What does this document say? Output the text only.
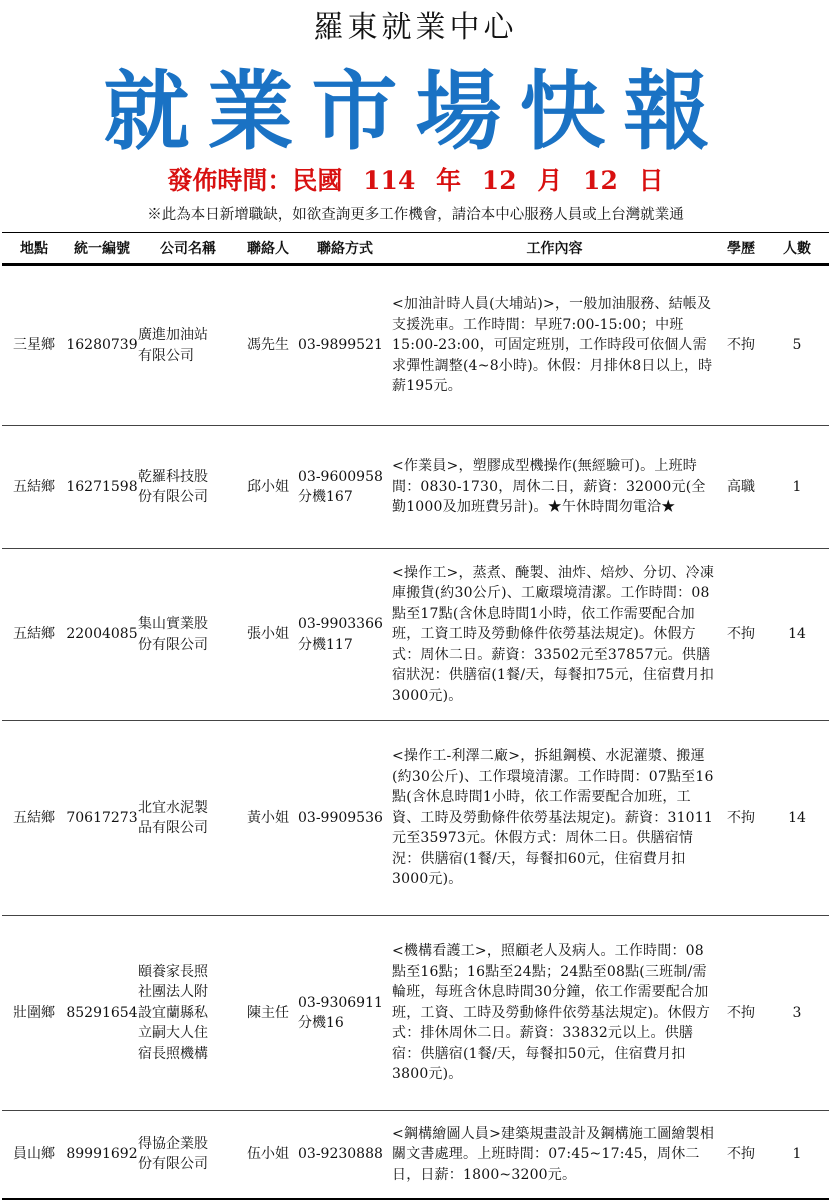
羅東就業中心
就業市場快報
發佈時間：民國 114 年 12 月 12 日
※此為本日新增職缺，如欲查詢更多工作機會，請洽本中心服務人員或上台灣就業通
地點	統一編號	公司名稱	聯絡人	聯絡方式	工作內容	學歷	人數
三星鄉	16280739	廣進加油站
有限公司	馮先生	03-9899521	<加油計時人員(大埔站)>，一般加油服務、結帳及支援洗車。工作時間：早班7:00-15:00；中班15:00-23:00，可固定班別，工作時段可依個人需求彈性調整(4~8小時)。休假：月排休8日以上，時薪195元。	不拘	5
五結鄉	16271598	乾羅科技股
份有限公司	邱小姐	03-9600958
分機167	<作業員>，塑膠成型機操作(無經驗可)。上班時間：0830-1730，周休二日，薪資：32000元(全勤1000及加班費另計)。★午休時間勿電洽★	高職	1
五結鄉	22004085	集山實業股
份有限公司	張小姐	03-9903366
分機117	<操作工>，蒸煮、醃製、油炸、焙炒、分切、冷凍庫搬貨(約30公斤)、工廠環境清潔。工作時間：08點至17點(含休息時間1小時，依工作需要配合加班，工資工時及勞動條件依勞基法規定)。休假方式：周休二日。薪資：33502元至37857元。供膳宿狀況：供膳宿(1餐/天，每餐扣75元，住宿費月扣3000元)。	不拘	14
五結鄉	70617273	北宜水泥製
品有限公司	黃小姐	03-9909536	<操作工-利澤二廠>，拆組鋼模、水泥灌漿、搬運(約30公斤)、工作環境清潔。工作時間：07點至16點(含休息時間1小時，依工作需要配合加班，工資、工時及勞動條件依勞基法規定)。薪資：31011元至35973元。休假方式：周休二日。供膳宿情況：供膳宿(1餐/天，每餐扣60元，住宿費月扣3000元)。	不拘	14
壯圍鄉	85291654	頤養家長照
社團法人附
設宜蘭縣私
立嗣大人住
宿長照機構	陳主任	03-9306911
分機16	<機構看護工>，照顧老人及病人。工作時間：08點至16點；16點至24點；24點至08點(三班制/需輪班，每班含休息時間30分鐘，依工作需要配合加班，工資、工時及勞動條件依勞基法規定)。休假方式：排休周休二日。薪資：33832元以上。供膳宿：供膳宿(1餐/天，每餐扣50元，住宿費月扣3800元)。	不拘	3
員山鄉	89991692	得協企業股
份有限公司	伍小姐	03-9230888	<鋼構繪圖人員>建築規畫設計及鋼構施工圖繪製相關文書處理。上班時間：07:45~17:45，周休二日，日薪：1800~3200元。	不拘	1
